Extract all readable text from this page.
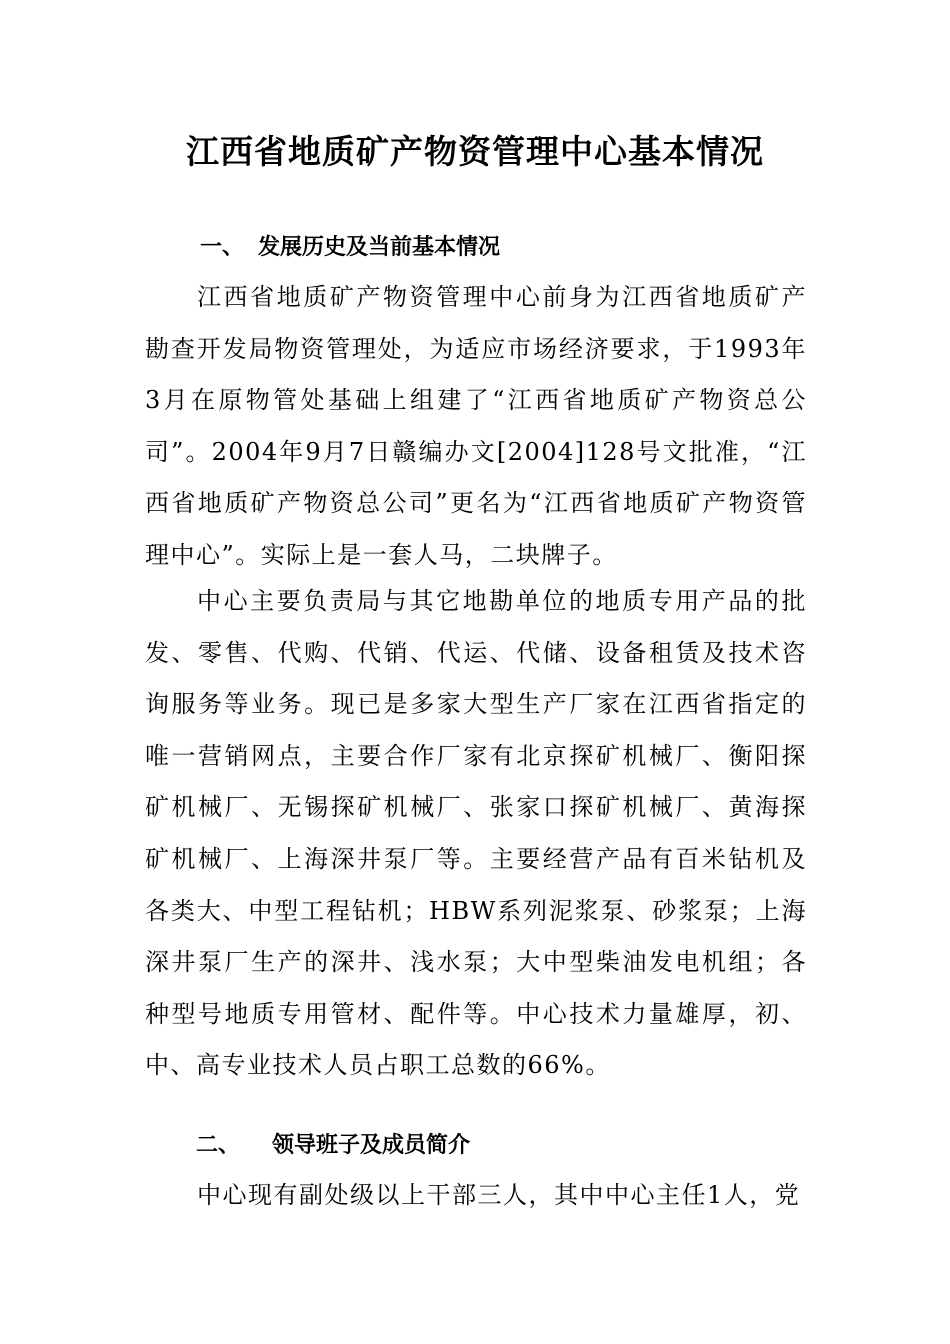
江西省地质矿产物资管理中心基本情况
一、 发展历史及当前基本情况

江西省地质矿产物资管理中心前身为江西省地质矿产勘查开发局物资管理处，为适应市场经济要求，于1993年3月在原物管处基础上组建了“江西省地质矿产物资总公司”。2004年9月7日赣编办文[2004]128号文批准，“江西省地质矿产物资总公司”更名为“江西省地质矿产物资管理中心”。实际上是一套人马，二块牌子。

中心主要负责局与其它地勘单位的地质专用产品的批发、零售、代购、代销、代运、代储、设备租赁及技术咨询服务等业务。现已是多家大型生产厂家在江西省指定的唯一营销网点，主要合作厂家有北京探矿机械厂、衡阳探矿机械厂、无锡探矿机械厂、张家口探矿机械厂、黄海探矿机械厂、上海深井泵厂等。主要经营产品有百米钻机及各类大、中型工程钻机；HBW系列泥浆泵、砂浆泵；上海深井泵厂生产的深井、浅水泵；大中型柴油发电机组；各种型号地质专用管材、配件等。中心技术力量雄厚，初、中、高专业技术人员占职工总数的66%。

二、 领导班子及成员简介

中心现有副处级以上干部三人，其中中心主任1人，党
